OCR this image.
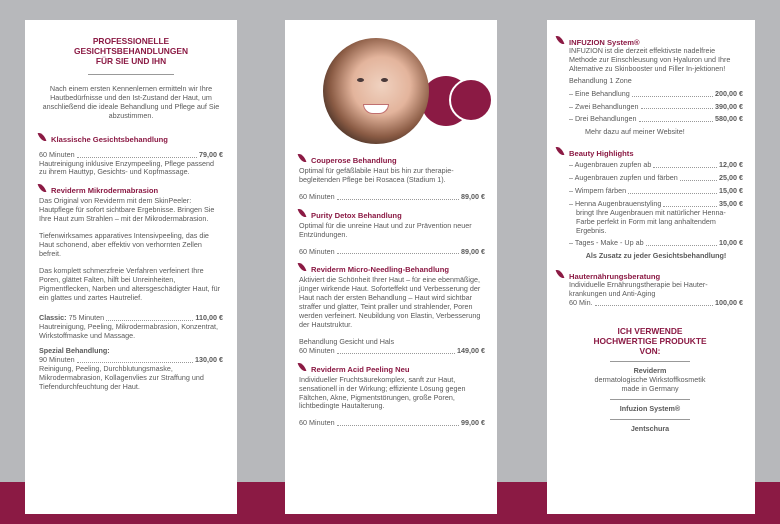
PROFESSIONELLE
GESICHTSBEHANDLUNGEN
FÜR SIE UND IHN
Nach einem ersten Kennenlernen ermitteln wir Ihre Hautbedürfnisse und den Ist-Zustand der Haut, um anschließend die ideale Behandlung und Pflege auf Sie abzustimmen.
Klassische Gesichtsbehandlung
60 Minuten	79,00 €
Hautreinigung inklusive Enzympeeling, Pflege passend zu ihrem Hauttyp, Gesichts- und Kopfmassage.
Reviderm Mikrodermabrasion
Das Original von Reviderm mit dem SkinPeeler: Hautpflege für sofort sichtbare Ergebnisse. Bringen Sie Ihre Haut zum Strahlen – mit der Mikrodermabrasion.
Tiefenwirksames apparatives Intensivpeeling, das die Haut schonend, aber effektiv von verhornten Zellen befreit.
Das komplett schmerzfreie Verfahren verfeinert Ihre Poren, glättet Falten, hilft bei Unreinheiten, Pigmentflecken, Narben und altersgeschädigter Haut, für ein glattes und zartes Hautrelief.
Classic: 75 Minuten	110,00 €
Hautreinigung, Peeling, Mikrodermabrasion, Konzentrat, Wirkstoffmaske und Massage.
Spezial Behandlung:
90 Minuten	130,00 €
Reinigung, Peeling, Durchblutungsmaske, Mikrodermabrasion, Kollagenvlies zur Straffung und Tiefendurchfeuchtung der Haut.
Couperose Behandlung
Optimal für gefäßlabile Haut bis hin zur therapie-begleitenden Pflege bei Rosacea (Stadium 1).
60 Minuten	89,00 €
Purity Detox Behandlung
Optimal für die unreine Haut und zur Prävention neuer Entzündungen.
60 Minuten	89,00 €
Reviderm Micro-Needling-Behandlung
Aktiviert die Schönheit Ihrer Haut – für eine ebenmäßige, jünger wirkende Haut. Soforteffekt und Verbesserung der Haut nach der ersten Behandlung – Haut wird sichtbar straffer und glatter, Teint praller und strahlender, Poren werden verfeinert. Neubildung von Elastin, Verbesserung der Hautstruktur.
Behandlung Gesicht und Hals
60 Minuten	149,00 €
Reviderm Acid Peeling Neu
Individueller Fruchtsäurekomplex, sanft zur Haut, sensationell in der Wirkung; effiziente Lösung gegen Fältchen, Akne, Pigmentstörungen, große Poren, lichtbedingte Hautalterung.
60 Minuten	99,00 €
INFUZION System®
INFUZION ist die derzeit effektivste nadelfreie Methode zur Einschleusung von Hyaluron und Ihre Alternative zu Skinbooster und Filler In-jektionen!
Behandlung 1 Zone
– Eine Behandlung	200,00 €
– Zwei Behandlungen	390,00 €
– Drei Behandlungen	580,00 €
Mehr dazu auf meiner Website!
Beauty Highlights
– Augenbrauen zupfen ab	12,00 €
– Augenbrauen zupfen und färben	25,00 €
– Wimpern färben	15,00 €
– Henna Augenbrauenstyling	35,00 €
bringt Ihre Augenbrauen mit natürlicher Henna-Farbe perfekt in Form mit lang anhaltendem Ergebnis.
– Tages - Make - Up ab	10,00 €
Als Zusatz zu jeder Gesichtsbehandlung!
Hauternährungsberatung
Individuelle Ernährungstherapie bei Hauter-krankungen und Anti-Aging
60 Min.	100,00 €
ICH VERWENDE
HOCHWERTIGE PRODUKTE
VON:
Reviderm
dermatologische Wirkstoffkosmetik made in Germany
Infuzion System®
Jentschura
